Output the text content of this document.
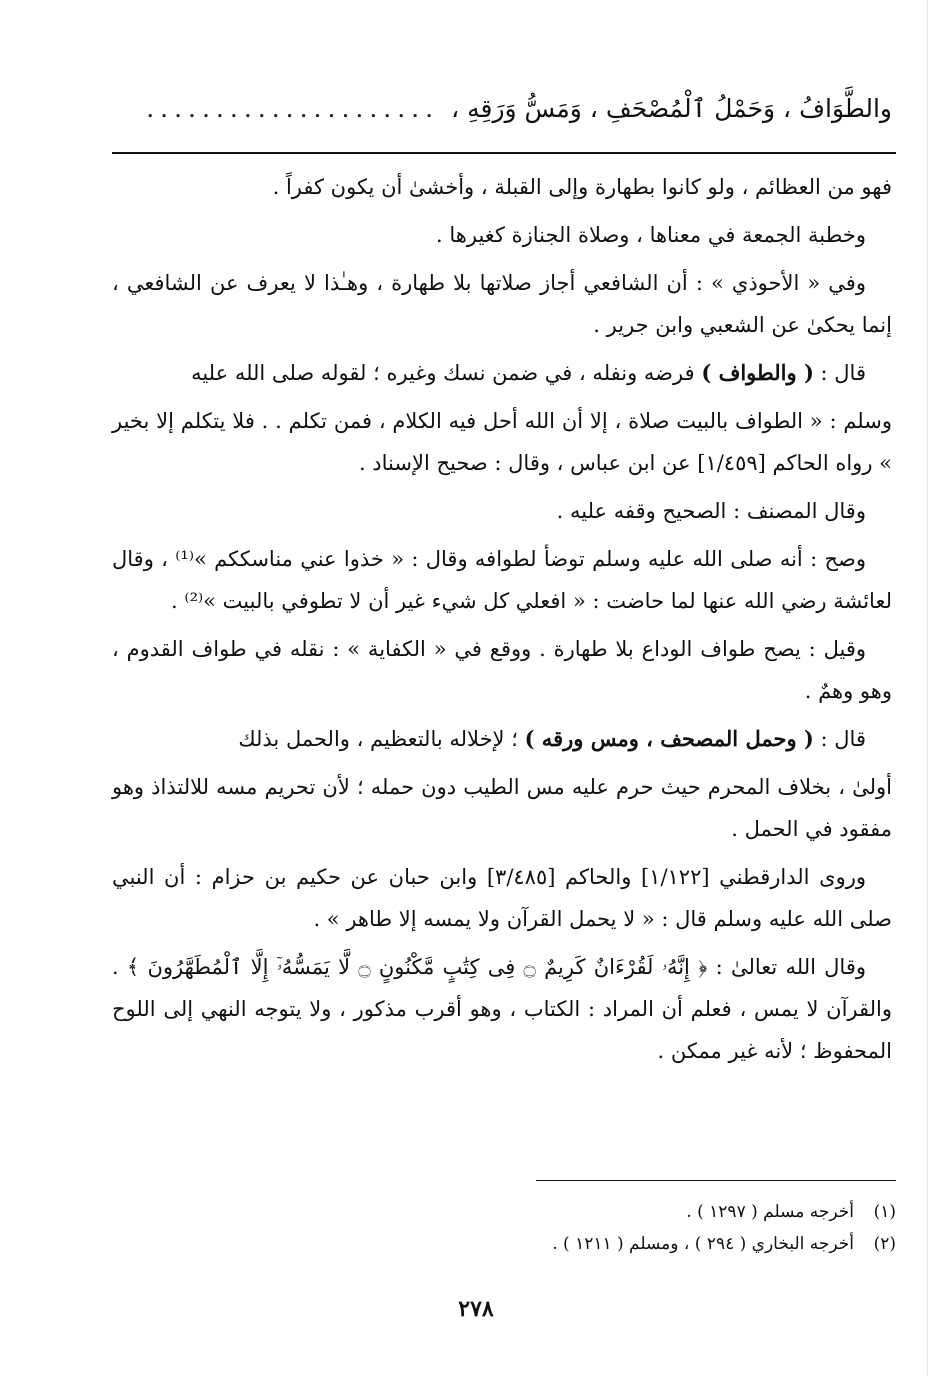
والطَّوَافُ ، وَحَمْلُ ٱلْمُصْحَفِ ، وَمَسُّ وَرَقِهِ ،
.....................

فهو من العظائم ، ولو كانوا بطهارة وإلى القبلة ، وأخشىٰ أن يكون كفراً .

وخطبة الجمعة في معناها ، وصلاة الجنازة كغيرها .

وفي « الأحوذي » : أن الشافعي أجاز صلاتها بلا طهارة ، وهـٰذا لا يعرف عن الشافعي ، إنما يحكىٰ عن الشعبي وابن جرير .

قال : ( والطواف ) فرضه ونفله ، في ضمن نسك وغيره ؛ لقوله صلى الله عليه

وسلم : « الطواف بالبيت صلاة ، إلا أن الله أحل فيه الكلام ، فمن تكلم . . فلا يتكلم إلا بخير » رواه الحاكم [١/٤٥٩] عن ابن عباس ، وقال : صحيح الإسناد .

وقال المصنف : الصحيح وقفه عليه .

وصح : أنه صلى الله عليه وسلم توضأ لطوافه وقال : « خذوا عني مناسككم »⁽¹⁾ ، وقال لعائشة رضي الله عنها لما حاضت : « افعلي كل شيء غير أن لا تطوفي بالبيت »⁽²⁾ .

وقيل : يصح طواف الوداع بلا طهارة . ووقع في « الكفاية » : نقله في طواف القدوم ، وهو وهمٌ .

قال : ( وحمل المصحف ، ومس ورقه ) ؛ لإخلاله بالتعظيم ، والحمل بذلك

أولىٰ ، بخلاف المحرم حيث حرم عليه مس الطيب دون حمله ؛ لأن تحريم مسه للالتذاذ وهو مفقود في الحمل .

وروى الدارقطني [١/١٢٢] والحاكم [٣/٤٨٥] وابن حبان عن حكيم بن حزام : أن النبي صلى الله عليه وسلم قال : « لا يحمل القرآن ولا يمسه إلا طاهر » .

وقال الله تعالىٰ : ﴿ إِنَّهُۥ لَقُرْءَانٌ كَرِيمٌ ۝ فِى كِتَٰبٍ مَّكْنُونٍ ۝ لَّا يَمَسُّهُۥٓ إِلَّا ٱلْمُطَهَّرُونَ ﴾ . والقرآن لا يمس ، فعلم أن المراد : الكتاب ، وهو أقرب مذكور ، ولا يتوجه النهي إلى اللوح المحفوظ ؛ لأنه غير ممكن .

(١)
أخرجه مسلم ( ١٢٩٧ ) .
(٢)
أخرجه البخاري ( ٢٩٤ ) ، ومسلم ( ١٢١١ ) .
٢٧٨
